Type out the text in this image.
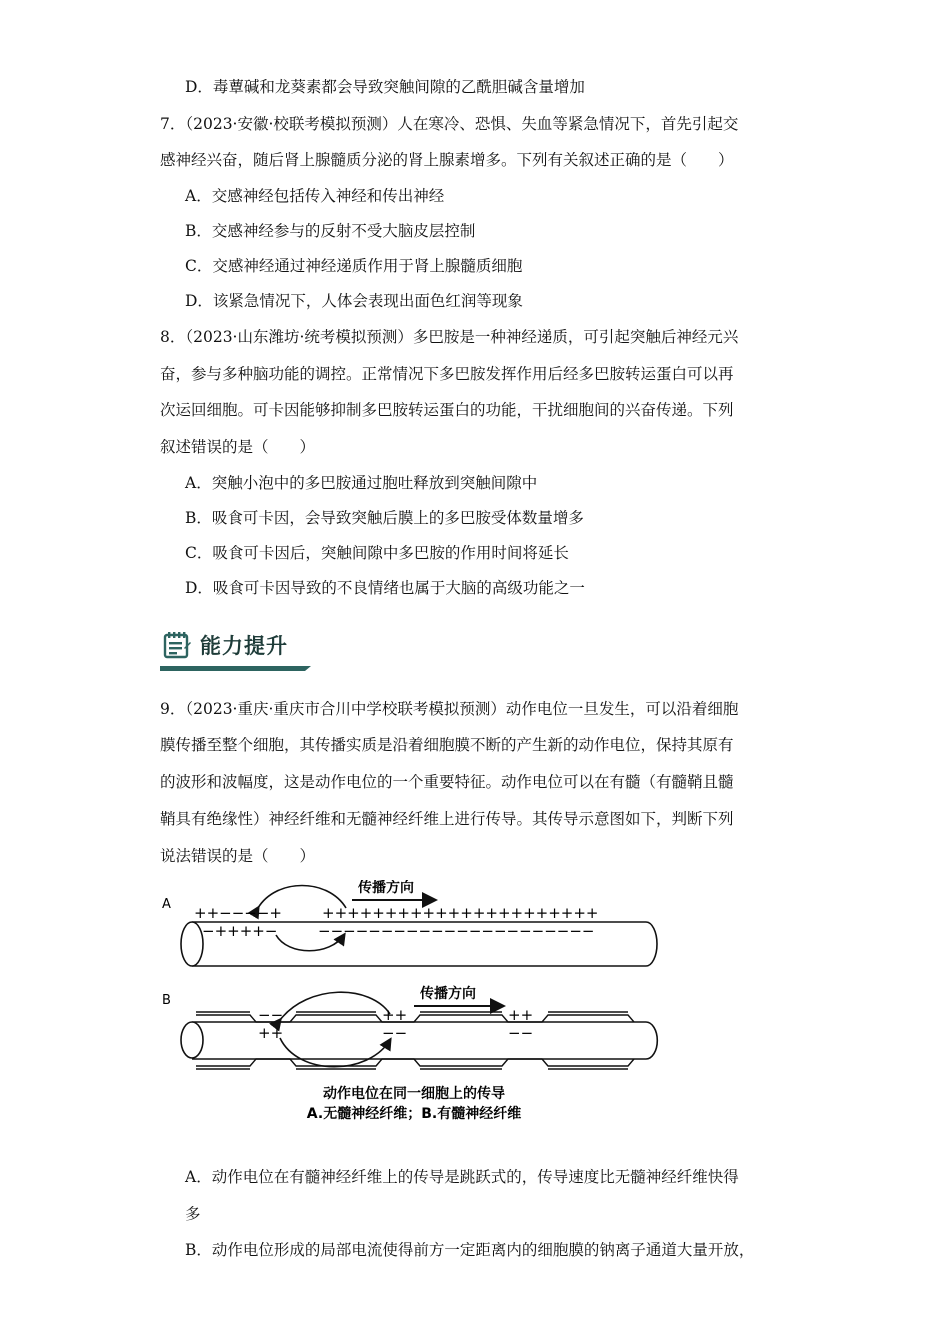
D．毒蕈碱和龙葵素都会导致突触间隙的乙酰胆碱含量增加
7．（2023·安徽·校联考模拟预测）人在寒冷、恐惧、失血等紧急情况下，首先引起交
感神经兴奋，随后肾上腺髓质分泌的肾上腺素增多。下列有关叙述正确的是（　　）
A．交感神经包括传入神经和传出神经
B．交感神经参与的反射不受大脑皮层控制
C．交感神经通过神经递质作用于肾上腺髓质细胞
D．该紧急情况下，人体会表现出面色红润等现象
8．（2023·山东潍坊·统考模拟预测）多巴胺是一种神经递质，可引起突触后神经元兴
奋，参与多种脑功能的调控。正常情况下多巴胺发挥作用后经多巴胺转运蛋白可以再
次运回细胞。可卡因能够抑制多巴胺转运蛋白的功能，干扰细胞间的兴奋传递。下列
叙述错误的是（　　）
A．突触小泡中的多巴胺通过胞吐释放到突触间隙中
B．吸食可卡因，会导致突触后膜上的多巴胺受体数量增多
C．吸食可卡因后，突触间隙中多巴胺的作用时间将延长
D．吸食可卡因导致的不良情绪也属于大脑的高级功能之一
能力提升
9．（2023·重庆·重庆市合川中学校联考模拟预测）动作电位一旦发生，可以沿着细胞
膜传播至整个细胞，其传播实质是沿着细胞膜不断的产生新的动作电位，保持其原有
的波形和波幅度，这是动作电位的一个重要特征。动作电位可以在有髓（有髓鞘且髓
鞘具有绝缘性）神经纤维和无髓神经纤维上进行传导。其传导示意图如下，判断下列
说法错误的是（　　）
A
传播方向
++−−−−+	++++++++++++++++++++++
−++++−	−−−−−−−−−−−−−−−−−−−−−−
B	传播方向
−−	++	++
++	−−	−−
动作电位在同一细胞上的传导
A.无髓神经纤维；B.有髓神经纤维
A．动作电位在有髓神经纤维上的传导是跳跃式的，传导速度比无髓神经纤维快得
多
B．动作电位形成的局部电流使得前方一定距离内的细胞膜的钠离子通道大量开放，
